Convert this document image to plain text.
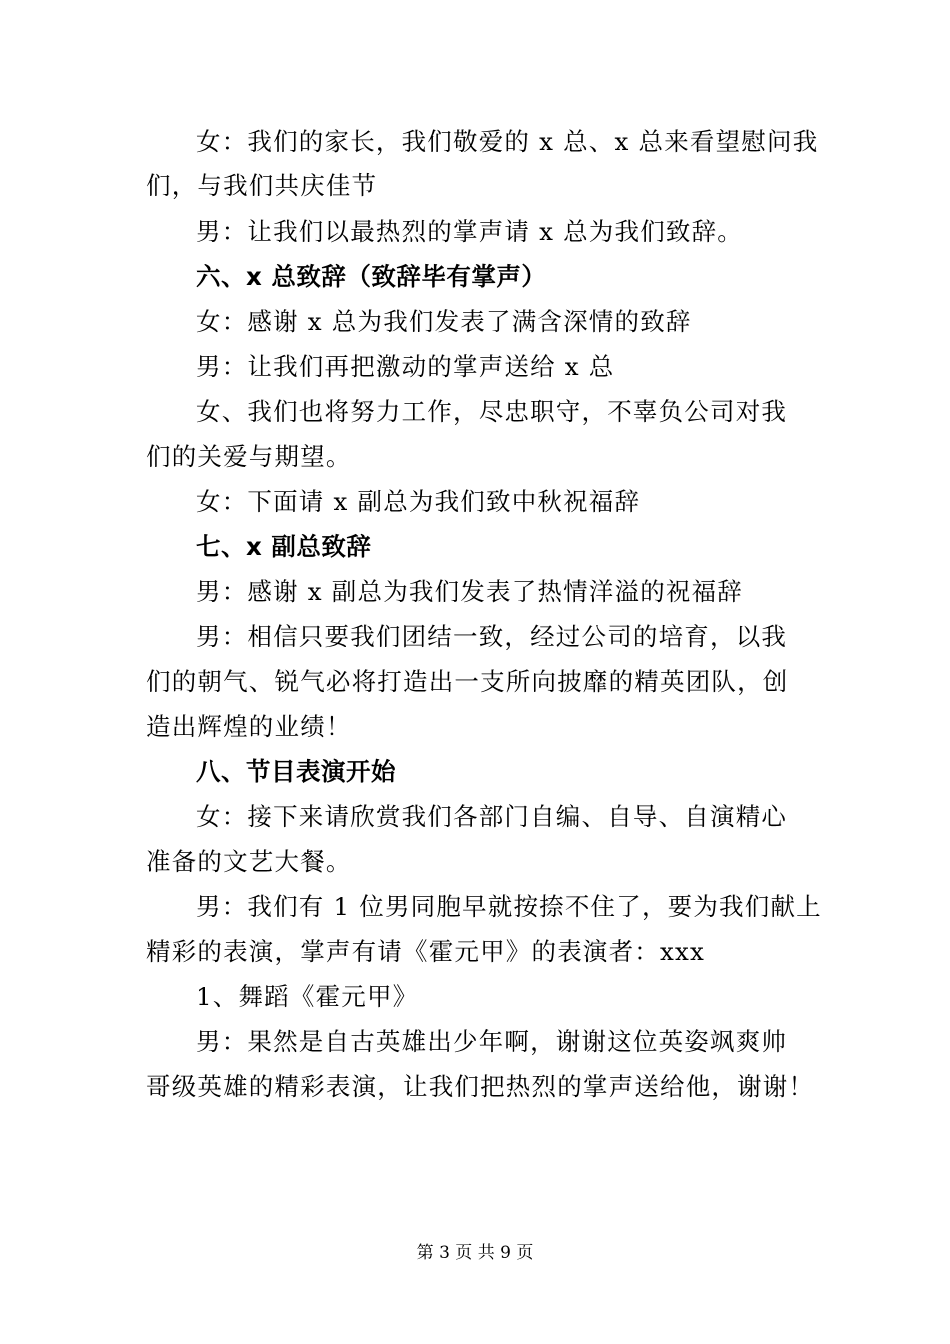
女：我们的家长，我们敬爱的 x 总、x 总来看望慰问我
们，与我们共庆佳节
男：让我们以最热烈的掌声请 x 总为我们致辞。
六、x 总致辞（致辞毕有掌声）
女：感谢 x 总为我们发表了满含深情的致辞
男：让我们再把激动的掌声送给 x 总
女、我们也将努力工作，尽忠职守，不辜负公司对我
们的关爱与期望。
女：下面请 x 副总为我们致中秋祝福辞
七、x 副总致辞
男：感谢 x 副总为我们发表了热情洋溢的祝福辞
男：相信只要我们团结一致，经过公司的培育，以我
们的朝气、锐气必将打造出一支所向披靡的精英团队，创
造出辉煌的业绩！
八、节目表演开始
女：接下来请欣赏我们各部门自编、自导、自演精心
准备的文艺大餐。
男：我们有 1 位男同胞早就按捺不住了，要为我们献上
精彩的表演，掌声有请《霍元甲》的表演者：xxx
1、舞蹈《霍元甲》
男：果然是自古英雄出少年啊，谢谢这位英姿飒爽帅
哥级英雄的精彩表演，让我们把热烈的掌声送给他，谢谢！
第 3 页 共 9 页
